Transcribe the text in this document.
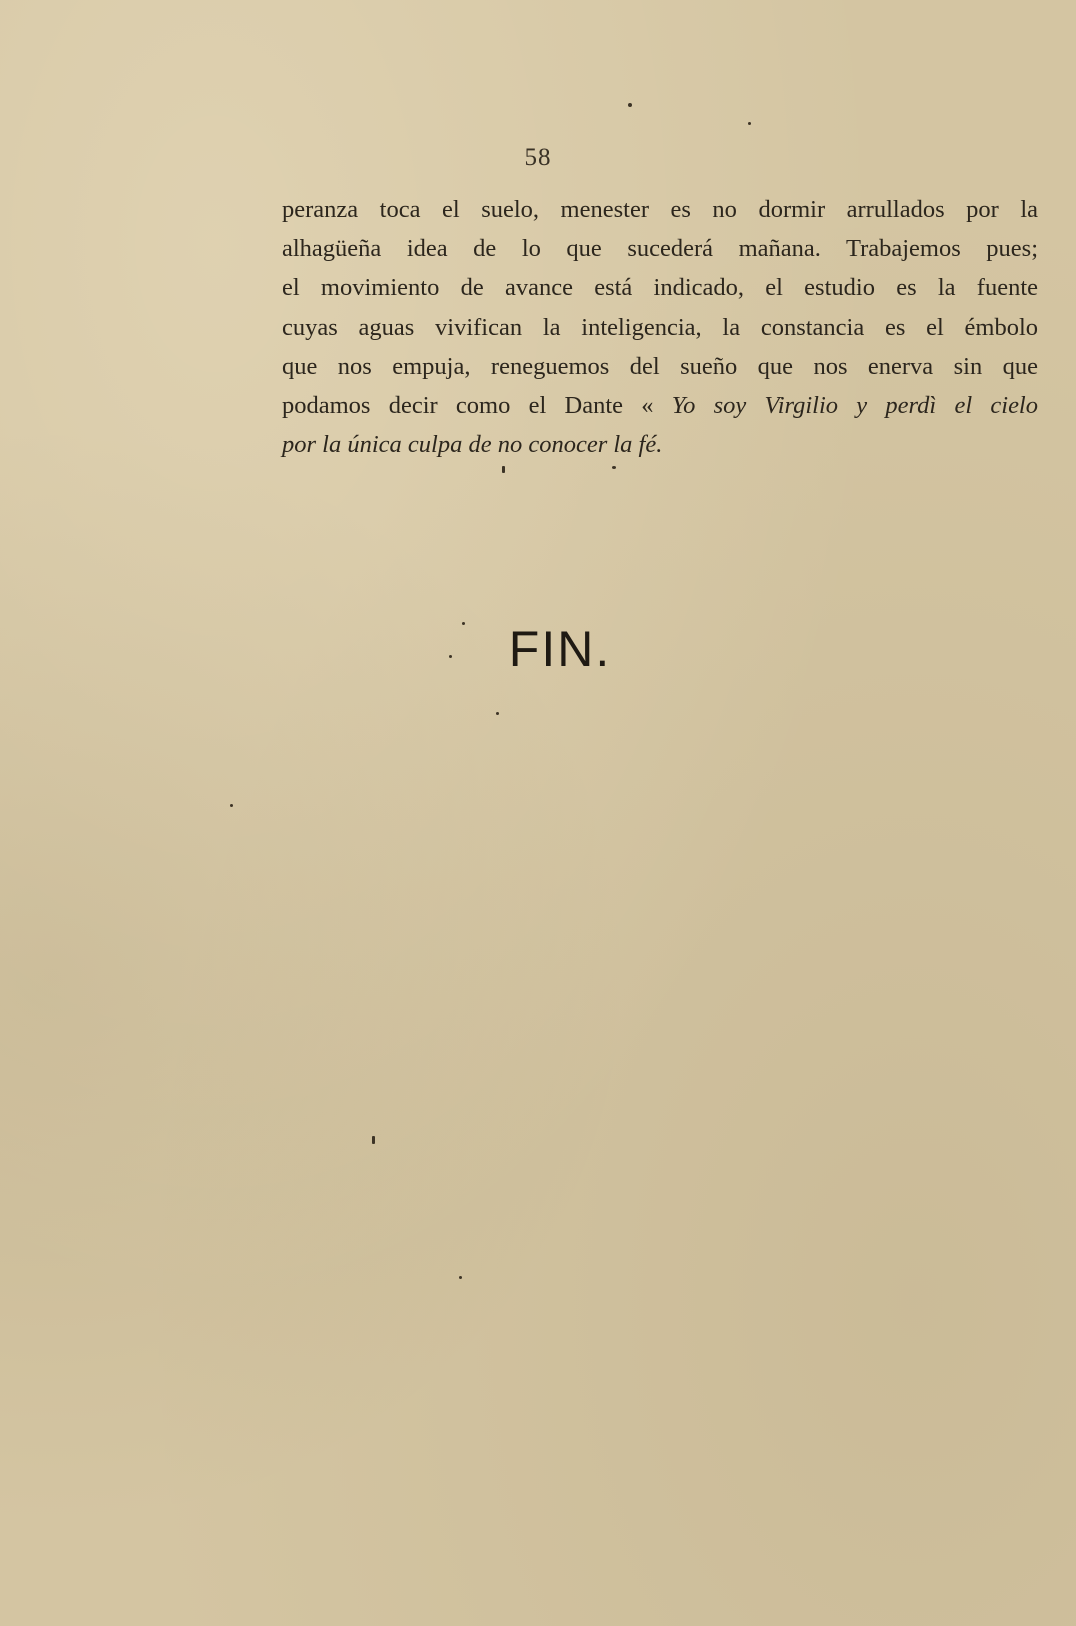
58
peranza toca el suelo, menester es no dormir arrullados por la
alhagüeña idea de lo que sucederá mañana. Trabajemos pues;
el movimiento de avance está indicado, el estudio es la fuente
cuyas aguas vivifican la inteligencia, la constancia es el émbolo
que nos empuja, reneguemos del sueño que nos enerva sin que
podamos decir como el Dante « Yo soy Virgilio y perdì el cielo
por la única culpa de no conocer la fé.
FIN.
